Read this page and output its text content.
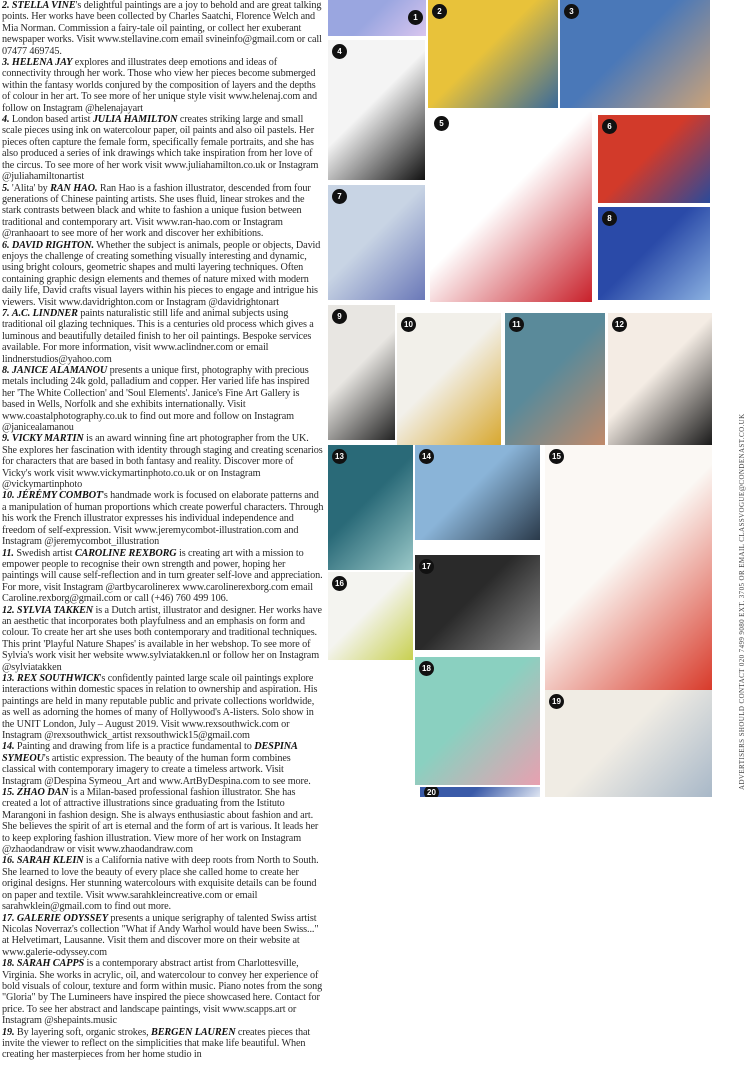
2. STELLA VINE's delightful paintings are a joy to behold and are great talking points. Her works have been collected by Charles Saatchi, Florence Welch and Mia Norman. Commission a fairy-tale oil painting, or collect her exuberant newspaper works. Visit www.stellavine.com email svineinfo@gmail.com or call 07477 469745.

3. HELENA JAY explores and illustrates deep emotions and ideas of connectivity through her work. Those who view her pieces become submerged within the fantasy worlds conjured by the composition of layers and the depths of colour in her art. To see more of her unique style visit www.helenaj.com and follow on Instagram @helenajayart

4. London based artist JULIA HAMILTON creates striking large and small scale pieces using ink on watercolour paper, oil paints and also oil pastels. Her pieces often capture the female form, specifically female portraits, and she has also produced a series of ink drawings which take inspiration from her love of the circus. To see more of her work visit www.juliahamilton.co.uk or Instagram @juliahamiltonartist

5. 'Alita' by RAN HAO. Ran Hao is a fashion illustrator, descended from four generations of Chinese painting artists. She uses fluid, linear strokes and the stark contrasts between black and white to fashion a unique fusion between traditional and contemporary art. Visit www.ran-hao.com or Instagram @ranhaoart to see more of her work and discover her exhibitions.

6. DAVID RIGHTON. Whether the subject is animals, people or objects, David enjoys the challenge of creating something visually interesting and dynamic, using bright colours, geometric shapes and multi layering techniques. Often containing graphic design elements and themes of nature mixed with modern daily life, David crafts visual layers within his pieces to engage and intrigue his viewers. Visit www.davidrighton.com or Instagram @davidrightonart

7. A.C. LINDNER paints naturalistic still life and animal subjects using traditional oil glazing techniques. This is a centuries old process which gives a luminous and beautifully detailed finish to her oil paintings. Bespoke services available. For more information, visit www.aclindner.com or email lindnerstudios@yahoo.com

8. JANICE ALAMANOU presents a unique first, photography with precious metals including 24k gold, palladium and copper. Her varied life has inspired her 'The White Collection' and 'Soul Elements'. Janice's Fine Art Gallery is based in Wells, Norfolk and she exhibits internationally. Visit www.coastalphotography.co.uk to find out more and follow on Instagram @janicealamanou

9. VICKY MARTIN is an award winning fine art photographer from the UK. She explores her fascination with identity through staging and creating scenarios for characters that are based in both fantasy and reality. Discover more of Vicky's work visit www.vickymartinphoto.co.uk or on Instagram @vickymartinphoto

10. JÉRÉMY COMBOT's handmade work is focused on elaborate patterns and a manipulation of human proportions which create powerful characters. Through his work the French illustrator expresses his individual independence and freedom of self-expression. Visit www.jeremycombot-illustration.com and Instagram @jeremycombot_illustration

11. Swedish artist CAROLINE REXBORG is creating art with a mission to empower people to recognise their own strength and power, hoping her paintings will cause self-reflection and in turn greater self-love and appreciation. For more, visit Instagram @artbycarolinerex www.carolinerexborg.com email Caroline.rexborg@gmail.com or call (+46) 760 499 106.

12. SYLVIA TAKKEN is a Dutch artist, illustrator and designer. Her works have an aesthetic that incorporates both playfulness and an emphasis on form and colour. To create her art she uses both contemporary and traditional techniques. This print 'Playful Nature Shapes' is available in her webshop. To see more of Sylvia's work visit her website www.sylviatakken.nl or follow her on Instagram @sylviatakken

13. REX SOUTHWICK's confidently painted large scale oil paintings explore interactions within domestic spaces in relation to ownership and aspiration. His paintings are held in many reputable public and private collections worldwide, as well as adorning the homes of many of Hollywood's A-listers. Solo show in the UNIT London, July – August 2019. Visit www.rexsouthwick.com or Instagram @rexsouthwick_artist rexsouthwick15@gmail.com

14. Painting and drawing from life is a practice fundamental to DESPINA SYMEOU's artistic expression. The beauty of the human form combines classical with contemporary imagery to create a timeless artwork. Visit Instagram @Despina Symeou_Art and www.ArtByDespina.com to see more.

15. ZHAO DAN is a Milan-based professional fashion illustrator. She has created a lot of attractive illustrations since graduating from the Istituto Marangoni in fashion design. She is always enthusiastic about fashion and art. She believes the spirit of art is eternal and the form of art is various. It leads her to keep exploring fashion illustration. View more of her work on Instagram @zhaodandraw or visit www.zhaodandraw.com

16. SARAH KLEIN is a California native with deep roots from North to South. She learned to love the beauty of every place she called home to create her original designs. Her stunning watercolours with exquisite details can be found on paper and textile. Visit www.sarahkleincreative.com or email sarahwklein@gmail.com to find out more.

17. GALERIE ODYSSEY presents a unique serigraphy of talented Swiss artist Nicolas Noverraz's collection "What if Andy Warhol would have been Swiss..." at Helvetimart, Lausanne. Visit them and discover more on their website at www.galerie-odyssey.com

18. SARAH CAPPS is a contemporary abstract artist from Charlottesville, Virginia. She works in acrylic, oil, and watercolour to convey her experience of bold visuals of colour, texture and form within music. Piano notes from the song "Gloria" by The Lumineers have inspired the piece showcased here. Contact for price. To see her abstract and landscape paintings, visit www.scapps.art or Instagram @shepaints.music

19. By layering soft, organic strokes, BERGEN LAUREN creates pieces that invite the viewer to reflect on the simplicities that make life beautiful. When creating her masterpieces from her home studio in

1
2	3
4
5	6
7
8
9
10	11	12
13	14	15
16
17
18
19
20
ADVERTISERS SHOULD CONTACT 020 7499 9080 EXT. 3705 OR EMAIL CLASSVOGUE@CONDENAST.CO.UK
